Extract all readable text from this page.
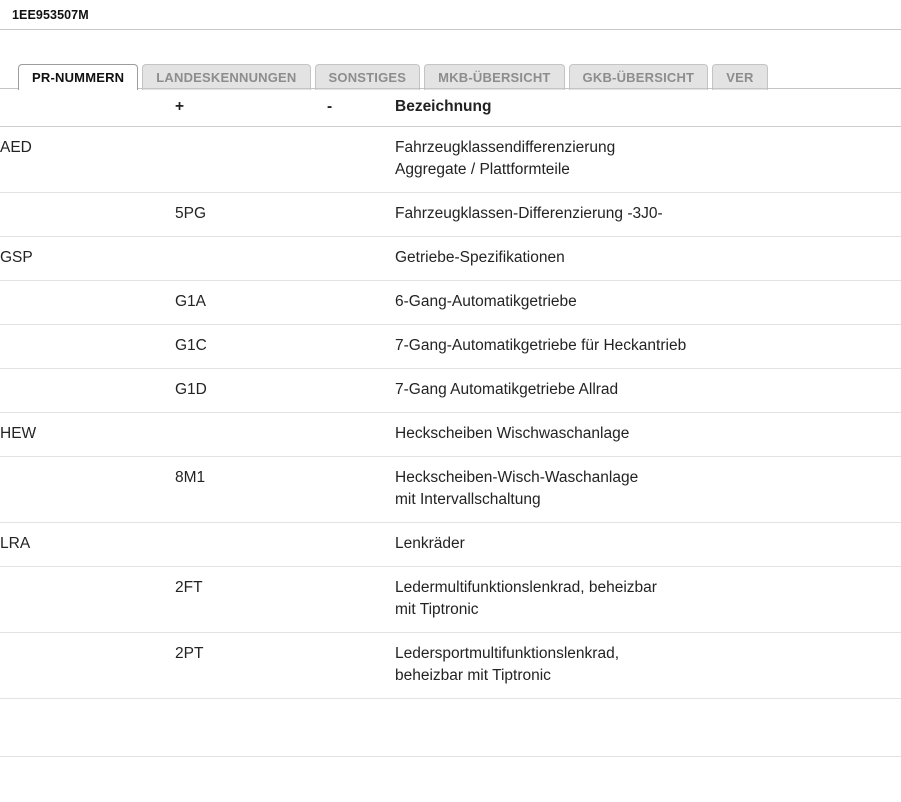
1EE953507M
PR-NUMMERN	LANDESKENNUNGEN	SONSTIGES	MKB-ÜBERSICHT	GKB-ÜBERSICHT	VER
	+	-	Bezeichnung
AED			Fahrzeugklassendifferenzierung
Aggregate / Plattformteile

	5PG		Fahrzeugklassen-Differenzierung -3J0-

GSP			Getriebe-Spezifikationen

	G1A		6-Gang-Automatikgetriebe

	G1C		7-Gang-Automatikgetriebe für Heckantrieb

	G1D		7-Gang Automatikgetriebe Allrad

HEW			Heckscheiben Wischwaschanlage

	8M1		Heckscheiben-Wisch-Waschanlage
mit Intervallschaltung

LRA			Lenkräder

	2FT		Ledermultifunktionslenkrad, beheizbar
mit Tiptronic

	2PT		Ledersportmultifunktionslenkrad,
beheizbar mit Tiptronic
